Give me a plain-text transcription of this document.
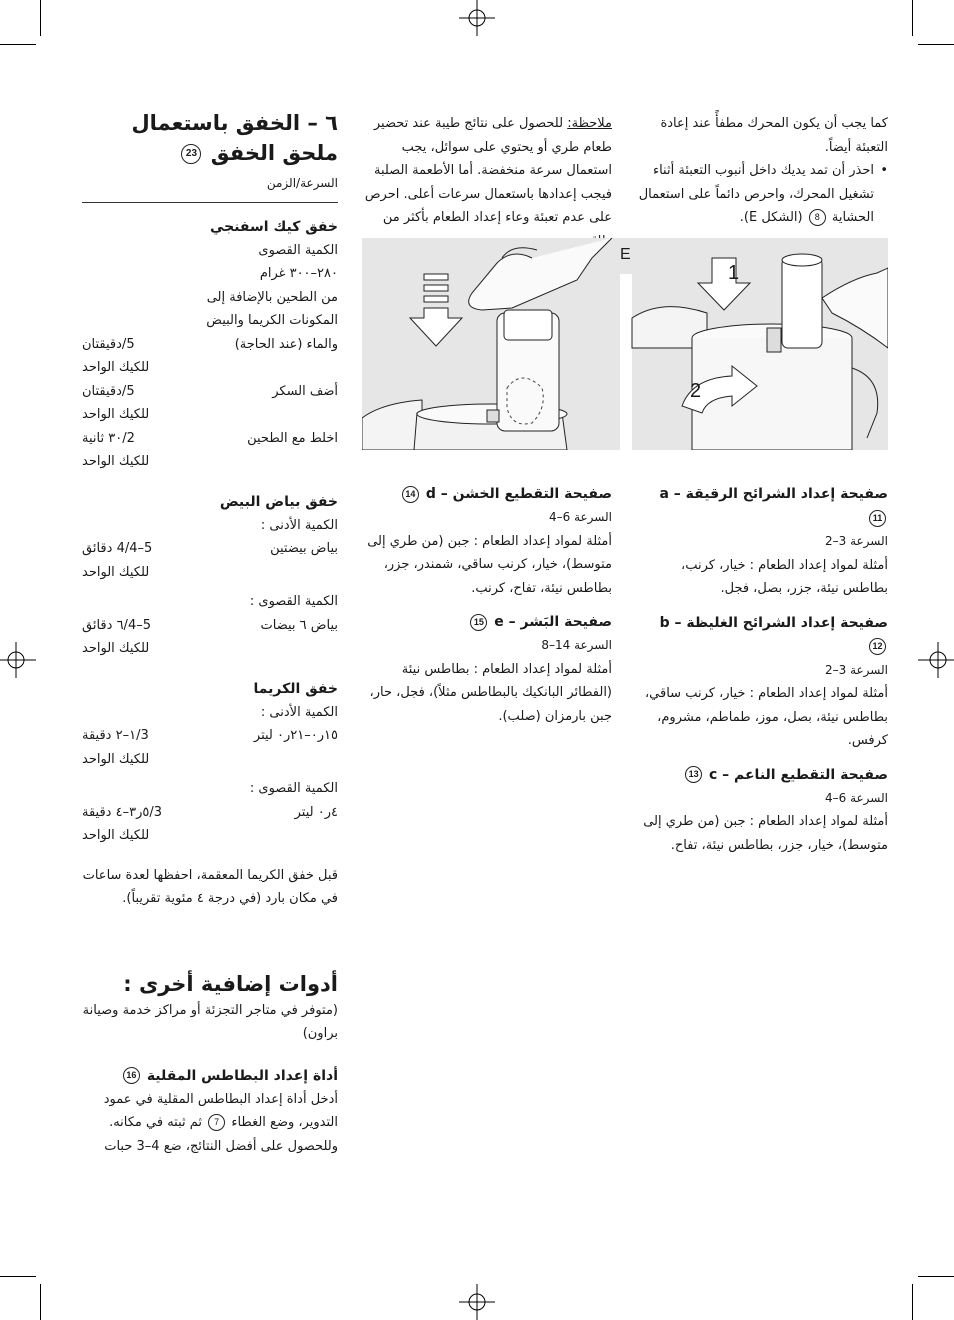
٦ – الخفق باستعمال
ملحق الخفق 23
السرعة/الزمن
خفق كيك اسفنجي
الكمية القصوى
٢٨٠–٣٠٠ غرام
من الطحين بالإضافة إلى
المكونات الكريما والبيض
والماء (عند الحاجة)
5/دقيقتان
للكيك الواحد
أضف السكر
5/دقيقتان
للكيك الواحد
اخلط مع الطحين
2/٣٠ ثانية
للكيك الواحد
خفق بياض البيض
الكمية الأدنى :
بياض بيضتين
5–4/4 دقائق
للكيك الواحد
الكمية القصوى :
بياض ٦ بيضات
5–4/٦ دقائق
للكيك الواحد
خفق الكريما
الكمية الأدنى :
١٥ر٠–٢١ر٠ ليتر
3/١–٢ دقيقة
للكيك الواحد
الكمية القصوى :
٤ر٠ ليتر
3/٥ر٣–٤ دقيقة
للكيك الواحد
قبل خفق الكريما المعقمة، احفظها لعدة ساعات في مكان بارد (في درجة ٤ مئوية تقريباً).
أدوات إضافية أخرى :
(متوفر في متاجر التجزئة أو مراكز خدمة وصيانة براون)
أداة إعداد البطاطس المقلية 16
أدخل أداة إعداد البطاطس المقلية في عمود التدوير، وضع الغطاء 7 ثم ثبته في مكانه. وللحصول على أفضل النتائج، ضع 4–3 حبات
ملاحظة: للحصول على نتائج طيبة عند تحضير طعام طري أو يحتوي على سوائل، يجب استعمال سرعة منخفضة. أما الأطعمة الصلبة فيجب إعدادها باستعمال سرعات أعلى. احرص على عدم تعبئة وعاء إعداد الطعام بأكثر من
صفيحة التقطيع الخشن – d 14
السرعة 6–4
أمثلة لمواد إعداد الطعام : جبن (من طري إلى متوسط)، خيار، كرنب ساقي، شمندر، جزر، بطاطس نيئة، تفاح، كرنب.
صفيحة البَشر – e 15
السرعة 14–8
أمثلة لمواد إعداد الطعام : بطاطس نيئة (الفطائر البانكيك بالبطاطس مثلاً)، فجل، حار، جبن بارمزان (صلب).
كما يجب أن يكون المحرك مطفأً عند إعادة التعبئة أيضاً.
• احذر أن تمد يديك داخل أنبوب التعبئة أثناء تشغيل المحرك، واحرص دائماً على استعمال الحشاية 8 (الشكل E).
صفيحة إعداد الشرائح الرقيقة – a 11
السرعة 3–2
أمثلة لمواد إعداد الطعام : خيار، كرنب، بطاطس نيئة، جزر، بصل، فجل.
صفيحة إعداد الشرائح الغليظة – b 12
السرعة 3–2
أمثلة لمواد إعداد الطعام : خيار، كرنب ساقي، بطاطس نيئة، بصل، موز، طماطم، مشروم، كرفس.
صفيحة التقطيع الناعم – c 13
السرعة 6–4
أمثلة لمواد إعداد الطعام : جبن (من طري إلى متوسط)، خيار، جزر، بطاطس نيئة، تفاح.
E
1
2
